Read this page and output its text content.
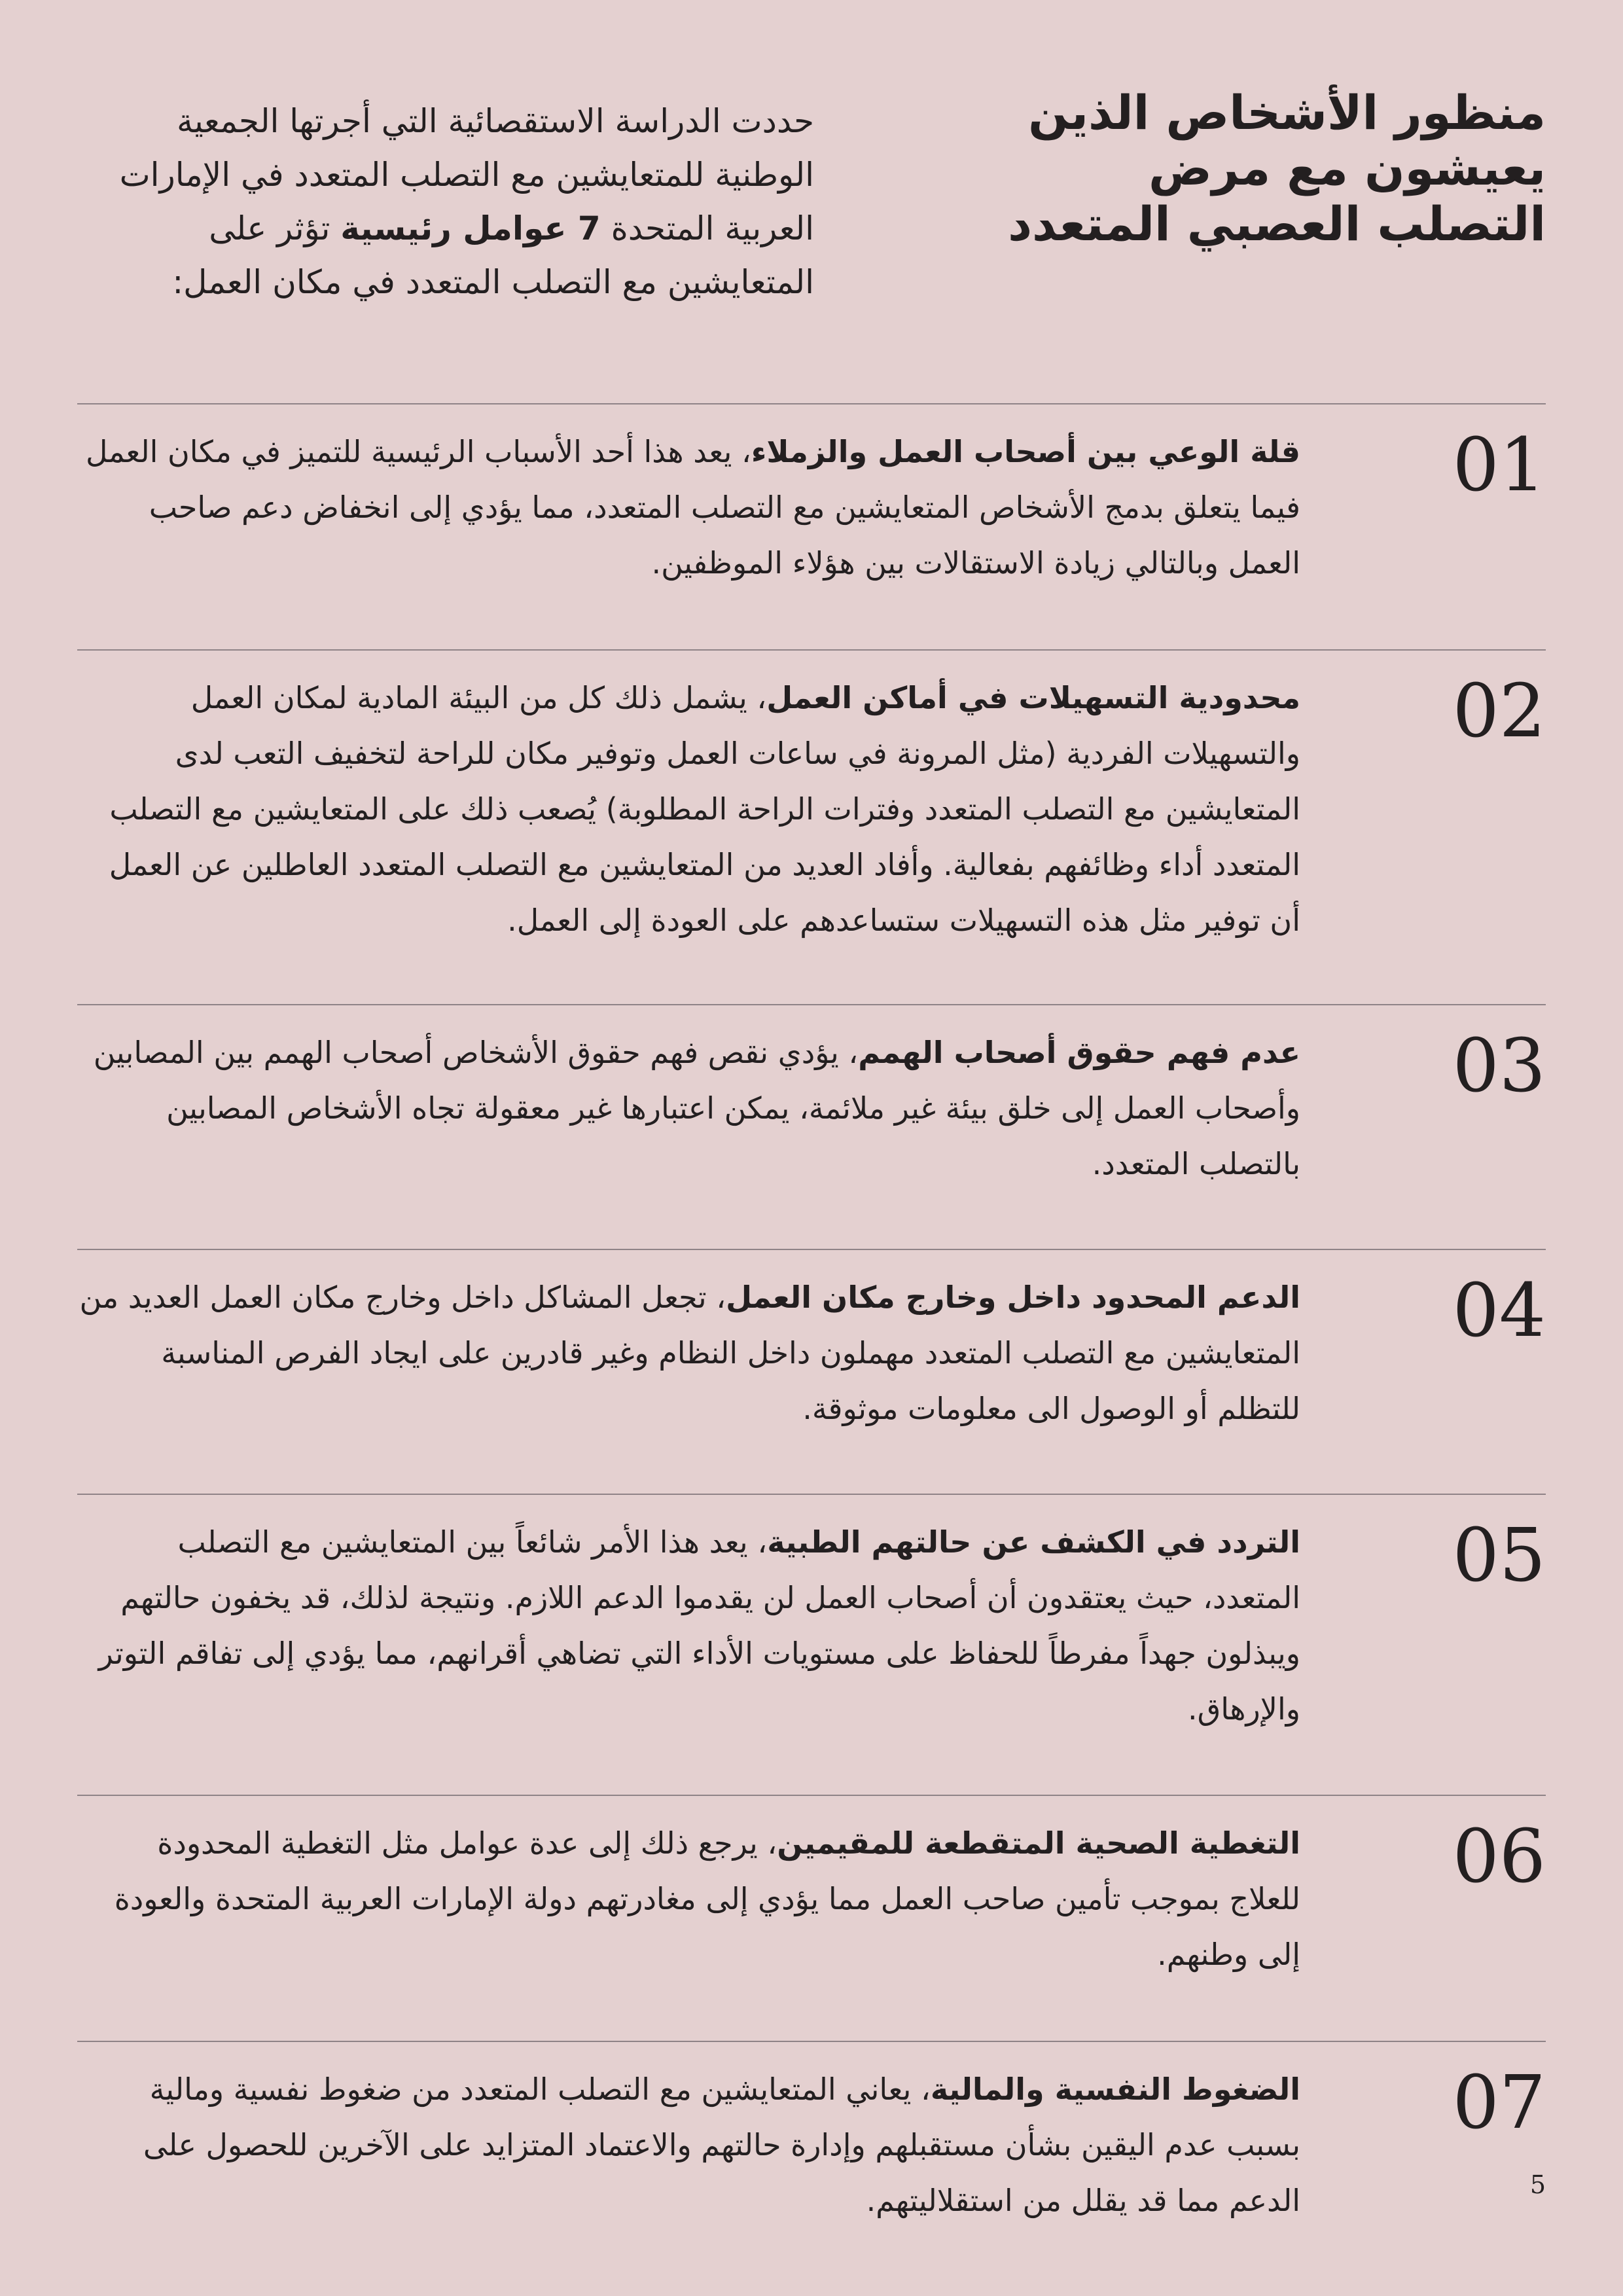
منظور الأشخاص الذين يعيشون مع مرض التصلب العصبي المتعدد

حددت الدراسة الاستقصائية التي أجرتها الجمعية الوطنية للمتعايشين مع التصلب المتعدد في الإمارات العربية المتحدة 7 عوامل رئيسية تؤثر على المتعايشين مع التصلب المتعدد في مكان العمل:

01

قلة الوعي بين أصحاب العمل والزملاء، يعد هذا أحد الأسباب الرئيسية للتميز في مكان العمل فيما يتعلق بدمج الأشخاص المتعايشين مع التصلب المتعدد، مما يؤدي إلى انخفاض دعم صاحب العمل وبالتالي زيادة الاستقالات بين هؤلاء الموظفين.

02

محدودية التسهيلات في أماكن العمل، يشمل ذلك كل من البيئة المادية لمكان العمل والتسهيلات الفردية (مثل المرونة في ساعات العمل وتوفير مكان للراحة لتخفيف التعب لدى المتعايشين مع التصلب المتعدد وفترات الراحة المطلوبة) يُصعب ذلك على المتعايشين مع التصلب المتعدد أداء وظائفهم بفعالية. وأفاد العديد من المتعايشين مع التصلب المتعدد العاطلين عن العمل أن توفير مثل هذه التسهيلات ستساعدهم على العودة إلى العمل.

03

عدم فهم حقوق أصحاب الهمم، يؤدي نقص فهم حقوق الأشخاص أصحاب الهمم بين المصابين وأصحاب العمل إلى خلق بيئة غير ملائمة، يمكن اعتبارها غير معقولة تجاه الأشخاص المصابين بالتصلب المتعدد.

04

الدعم المحدود داخل وخارج مكان العمل، تجعل المشاكل داخل وخارج مكان العمل العديد من المتعايشين مع التصلب المتعدد مهملون داخل النظام وغير قادرين على ايجاد الفرص المناسبة للتظلم أو الوصول الى معلومات موثوقة.

05

التردد في الكشف عن حالتهم الطبية، يعد هذا الأمر شائعاً بين المتعايشين مع التصلب المتعدد، حيث يعتقدون أن أصحاب العمل لن يقدموا الدعم اللازم. ونتيجة لذلك، قد يخفون حالتهم ويبذلون جهداً مفرطاً للحفاظ على مستويات الأداء التي تضاهي أقرانهم، مما يؤدي إلى تفاقم التوتر والإرهاق.

06

التغطية الصحية المتقطعة للمقيمين، يرجع ذلك إلى عدة عوامل مثل التغطية المحدودة للعلاج بموجب تأمين صاحب العمل مما يؤدي إلى مغادرتهم دولة الإمارات العربية المتحدة والعودة إلى وطنهم.

07

الضغوط النفسية والمالية، يعاني المتعايشين مع التصلب المتعدد من ضغوط نفسية ومالية بسبب عدم اليقين بشأن مستقبلهم وإدارة حالتهم والاعتماد المتزايد على الآخرين للحصول على الدعم مما قد يقلل من استقلاليتهم.	5
